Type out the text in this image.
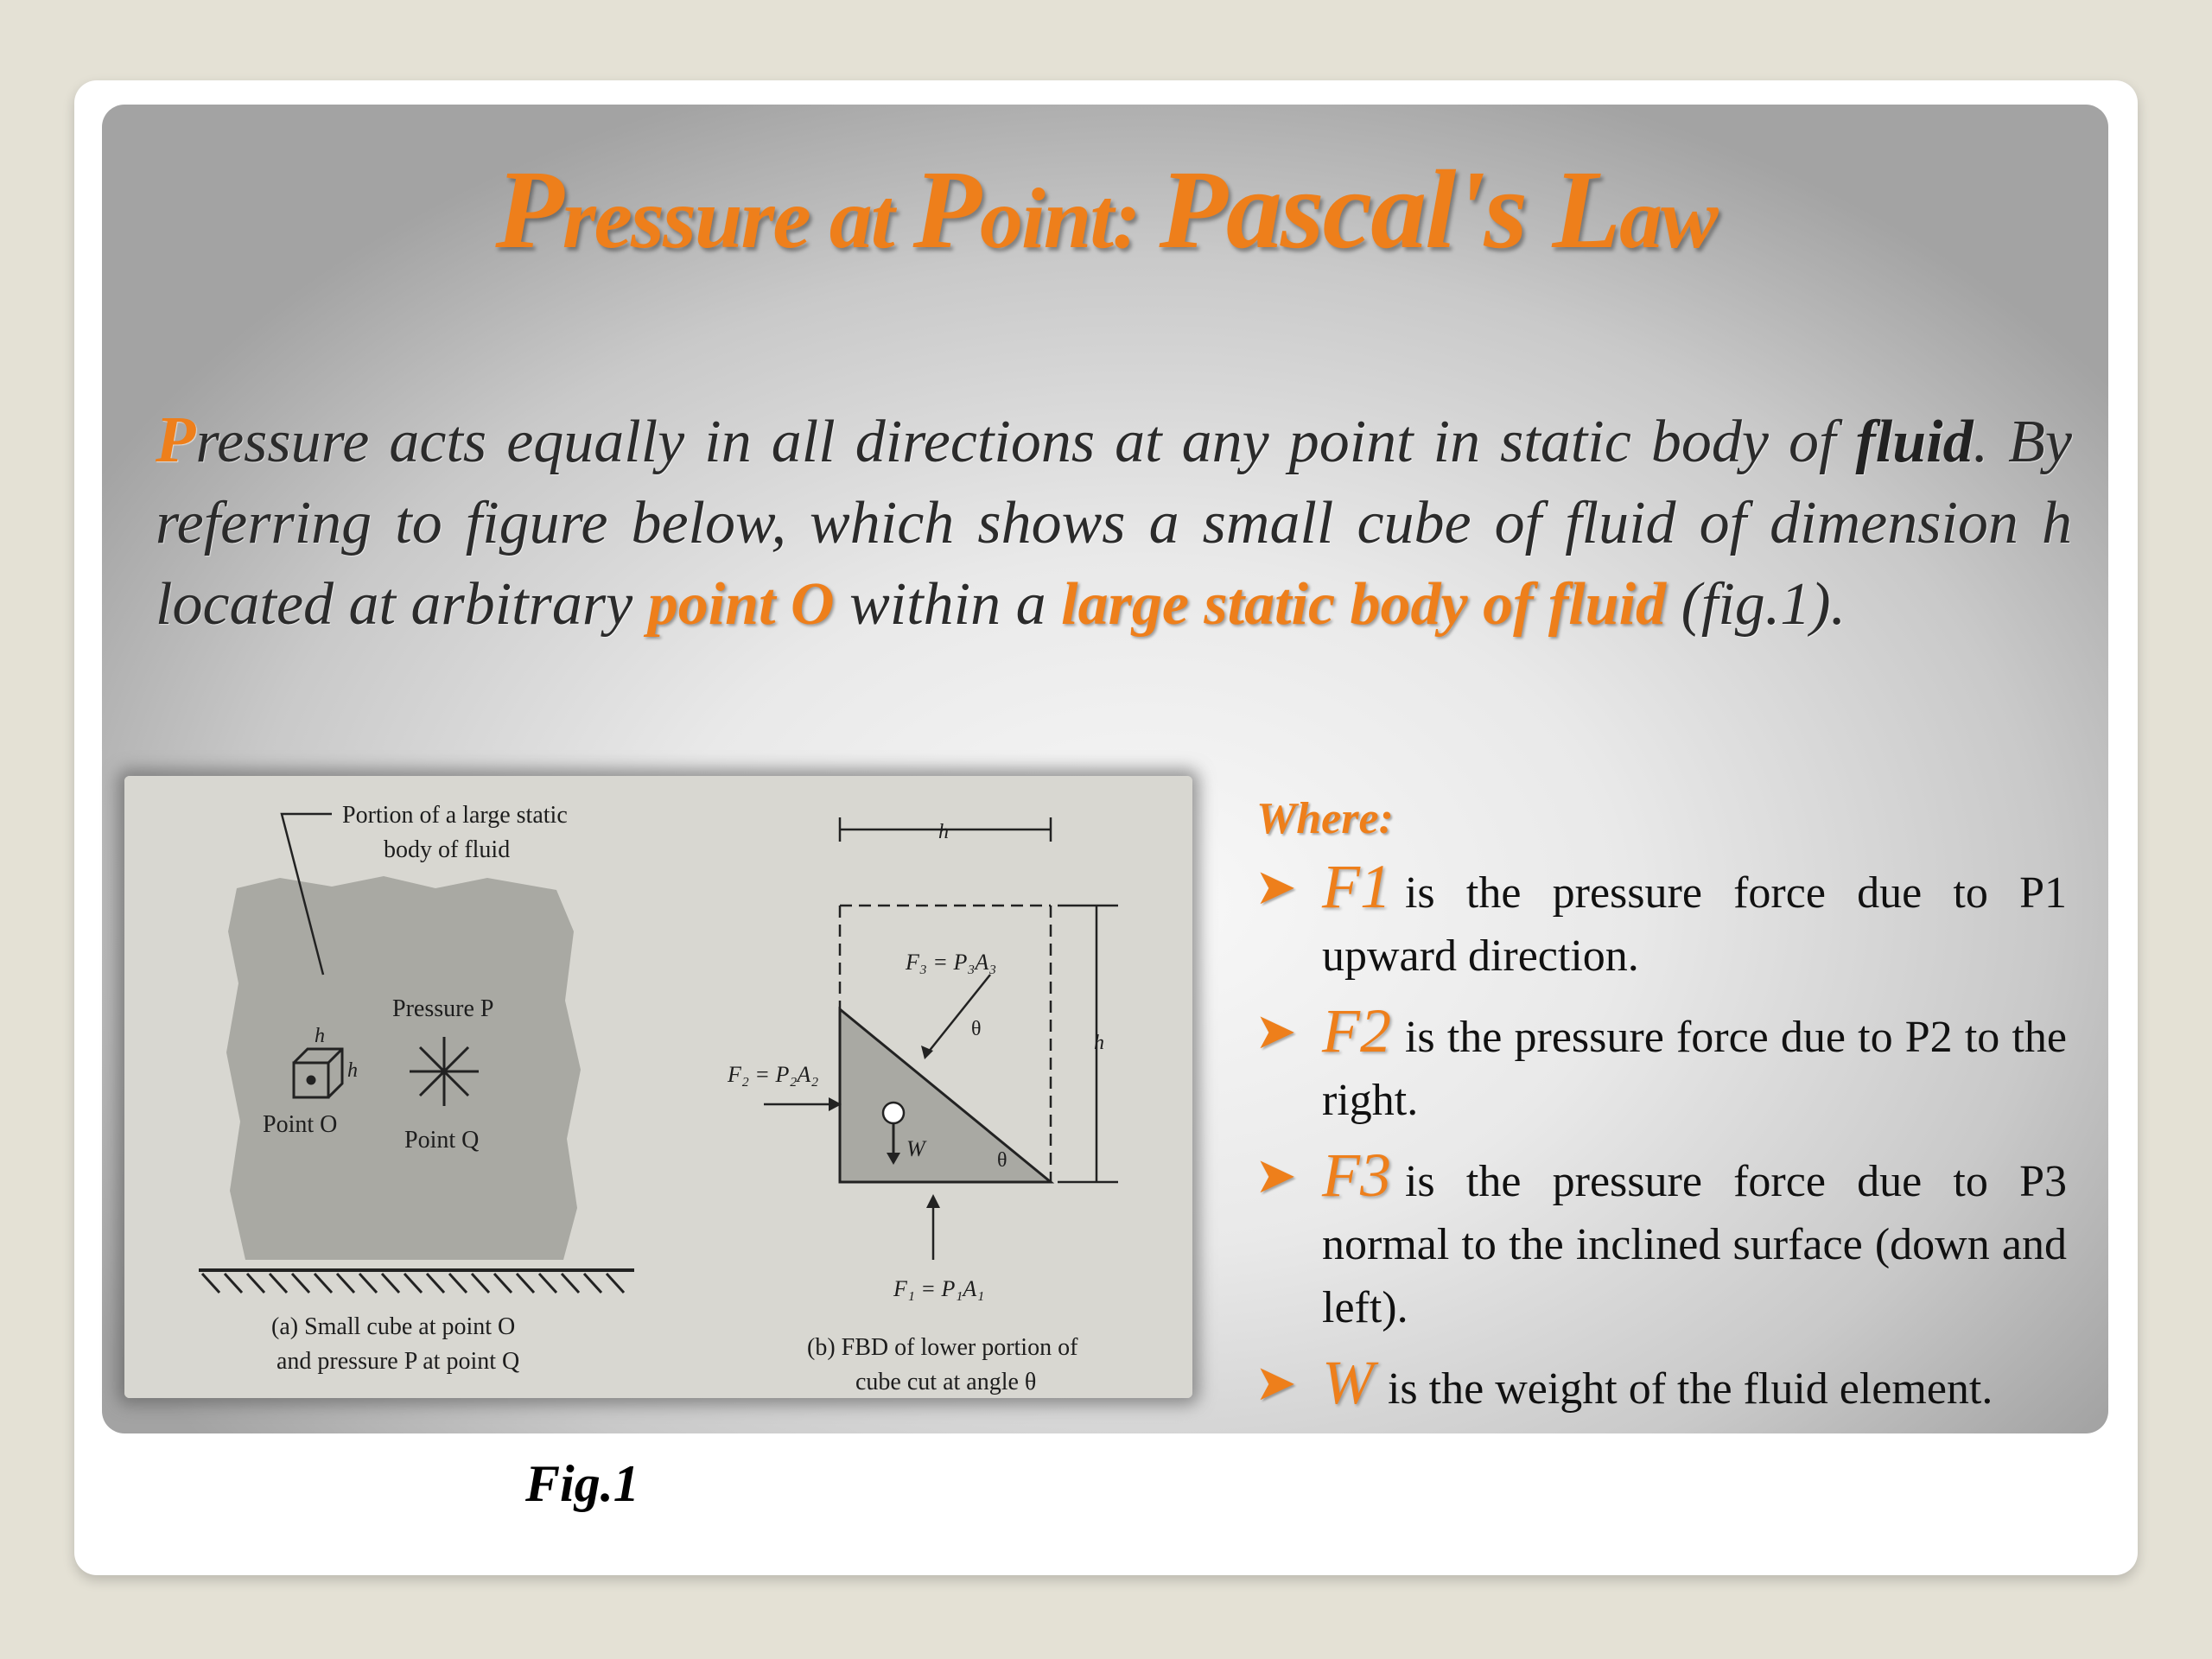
Pressure at Point: Pascal's Law
Pressure acts equally in all directions at any point in static body of fluid. By referring to figure below, which shows a small cube of fluid of dimension h located at arbitrary point O within a large static body of fluid (fig.1).
Portion of a large static
body of fluid
h
h
Point O
Pressure P
Point Q
(a) Small cube at point O
and pressure P at point Q
W	θ
θ
h
h
F₃ = P₃A₃
F₂ = P₂A₂
F₁ = P₁A₁
(b) FBD of lower portion of
cube cut at angle θ
Where:
➤ F1 is the pressure force due to P1 upward direction.
➤ F2 is the pressure force due to P2 to the right.
➤ F3 is the pressure force due to P3 normal to the inclined surface (down and left).
➤ W is the weight of the fluid element.
Fig.1
